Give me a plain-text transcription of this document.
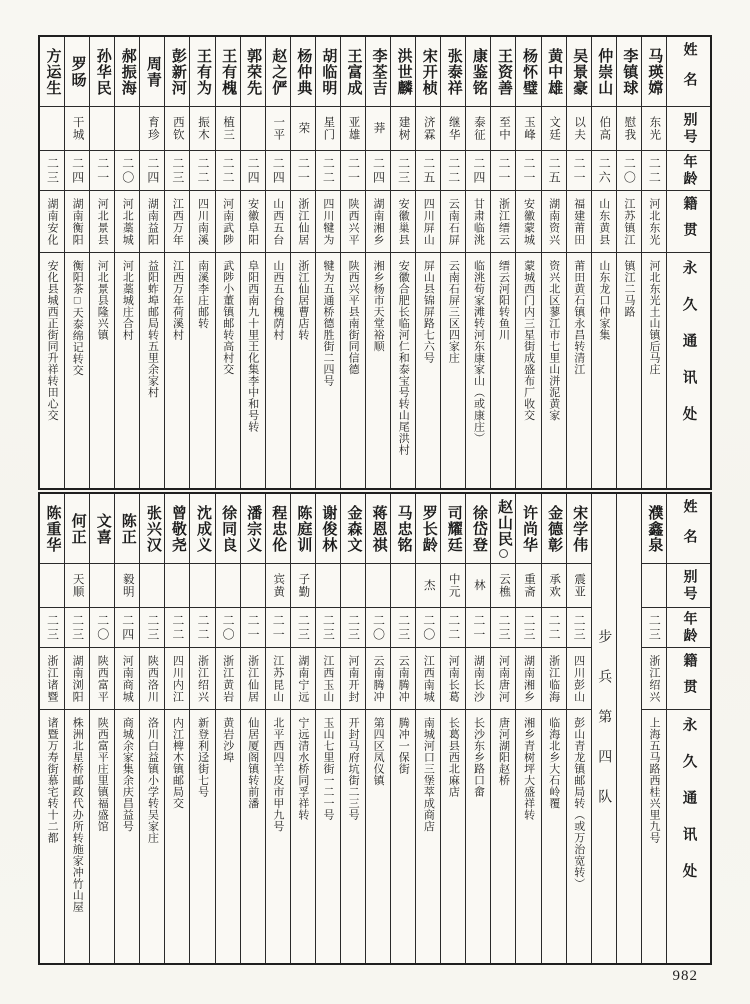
方运生
二三
湖南安化
安化县城西正街同升祥转田心交
罗旸
干城
二四
湖南衡阳
衡阳茶□天泰绵记转交
孙华民
二一
河北景县
河北景县隆兴镇
郝振海
二〇
河北藁城
河北藁城庄合村
周青
育珍
二四
湖南益阳
益阳蚱埠邮局转五里余家村
彭新河
西钦
二三
江西万年
江西万年荷溪村
王有为
振木
二二
四川南溪
南溪李庄邮转
王有槐
植三
二二
河南武陟
武陟小董镇邮转高村交
郭荣先
二四
安徽阜阳
阜阳西南九十里王化集李中和号转
赵之俨
一平
二四
山西五台
山西五台槐荫村
杨仲典
荣
二一
浙江仙居
浙江仙居曹店转
胡临明
星门
二二
四川犍为
犍为五通桥德胜街二四号
王富成
亚雄
二一
陕西兴平
陕西兴平县南街同信德
李荃吉
莽
二四
湖南湘乡
湘乡杨市天堂裕顺
洪世麟
建树
二三
安徽巢县
安徽合肥长临河仁和泰宝号转山尾洪村
宋开桢
济霖
二五
四川屏山
屏山县锦屏路七六号
张泰祥
继华
二二
云南石屏
云南石屏三区四家庄
康鉴铭
泰征
二四
甘肃临洮
临洮苟家滩转河东康家山（或康庄）
王资善
至中
二一
浙江缙云
缙云河阳转鱼川
杨怀璧
玉峰
二一
安徽蒙城
蒙城西门内三星街成盛布厂收交
黄中雄
文廷
二五
湖南资兴
资兴北区蓼江市七里山洴泥黄家
吴景豪
以夫
二一
福建莆田
莆田黄石镇永昌转清江
仲崇山
伯高
二六
山东黄县
山东龙口仲家集
李镇球
慰我
二〇
江苏镇江
镇江二马路
马瑛嫦
东光
二二
河北东光
河北东光土山镇后马庄
姓名
别号
年龄
籍贯
永久通讯处
陈重华
二三
浙江诸暨
诸暨万寿街慕宅转十二都
何正
天顺
二三
湖南浏阳
株洲北星桥邮政代办所转施家冲竹山屋
文喜
二〇
陕西富平
陕西富平庄里镇福盛馆
陈正
毅明
二四
河南商城
商城余家集余庆昌益号
张兴汉
二三
陕西洛川
洛川白益镇小学转吴家庄
曾敬尧
二二
四川内江
内江椑木镇邮局交
沈成义
二二
浙江绍兴
新登利迳街七号
徐同良
二〇
浙江黄岩
黄岩沙埠
潘宗义
二一
浙江仙居
仙居厦阁镇转前潘
程忠伦
宾黄
二一
江苏昆山
北平西四羊皮市甲九号
陈庭训
子勤
二三
湖南宁远
宁远清水桥同孚祥转
谢俊林
二三
江西玉山
玉山七里街一二一号
金森文
二三
河南开封
开封马府坑街二三号
蒋恩祺
二〇
云南腾冲
第四区凤仪镇
马忠铭
二三
云南腾冲
腾冲一保街
罗长龄
杰
二〇
江西南城
南城河口三堡萃成商店
司耀廷
中元
二二
河南长葛
长葛县西北麻店
徐岱登
林
二一
湖南长沙
长沙东乡路口畲
赵山民
云樵
二三
河南唐河
唐河湖阳赵桥
许尚华
重斋
二三
湖南湘乡
湘乡青树坪大盛祥转
金德彰
承欢
二二
浙江临海
临海北乡大石岭覆
宋学伟
震亚
二三
四川彭山
彭山青龙镇邮局转（或万治宽转） 步兵第四队
濮鑫泉
二三
浙江绍兴
上海五马路西桂兴里九号
姓名
别号
年龄
籍贯
永久通讯处
982
